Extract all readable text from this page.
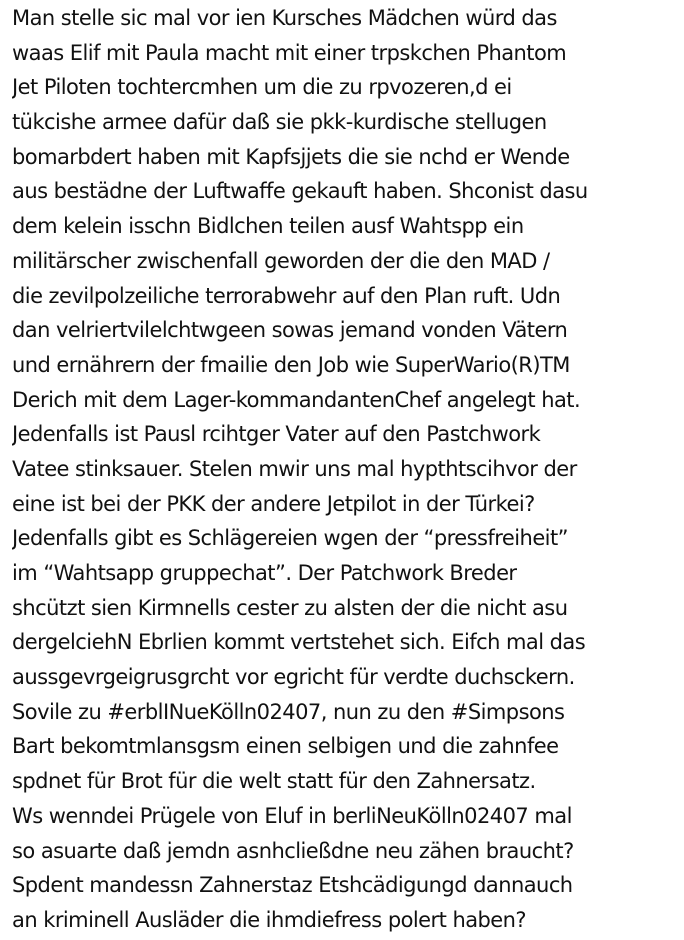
Man stelle sic mal vor ien Kursches Mädchen würd das
waas Elif mit Paula macht mit einer trpskchen Phantom
Jet Piloten tochtercmhen um die zu rpvozeren,d ei
tükcishe armee dafür daß sie pkk-kurdische stellugen
bomarbdert haben mit Kapfsjjets die sie nchd er Wende
aus bestädne der Luftwaffe gekauft haben. Shconist dasu
dem kelein isschn Bidlchen teilen ausf Wahtspp ein
militärscher zwischenfall geworden der die den MAD /
die zevilpolzeiliche terrorabwehr auf den Plan ruft. Udn
dan velriertvilelchtwgeen sowas jemand vonden Vätern
und ernährern der fmailie den Job wie SuperWario(R)TM
Derich mit dem Lager-kommandantenChef angelegt hat.
Jedenfalls ist Pausl rcihtger Vater auf den Pastchwork
Vatee stinksauer. Stelen mwir uns mal hypthtscihvor der
eine ist bei der PKK der andere Jetpilot in der Türkei?
Jedenfalls gibt es Schlägereien wgen der “pressfreiheit”
im “Wahtsapp gruppechat”. Der Patchwork Breder
shcützt sien Kirmnells cester zu alsten der die nicht asu
dergelciehN Ebrlien kommt vertstehet sich. Eifch mal das
aussgevrgeigrusgrcht vor egricht für verdte duchsckern.
Sovile zu #erblINueKölln02407, nun zu den #Simpsons
Bart bekomtmlansgsm einen selbigen und die zahnfee
spdnet für Brot für die welt statt für den Zahnersatz.
Ws wenndei Prügele von Eluf in berliNeuKölln02407 mal
so asuarte daß jemdn asnhcließdne neu zähen braucht?
Spdent mandessn Zahnerstaz Etshcädigungd dannauch
an kriminell Ausläder die ihmdiefress polert haben?
